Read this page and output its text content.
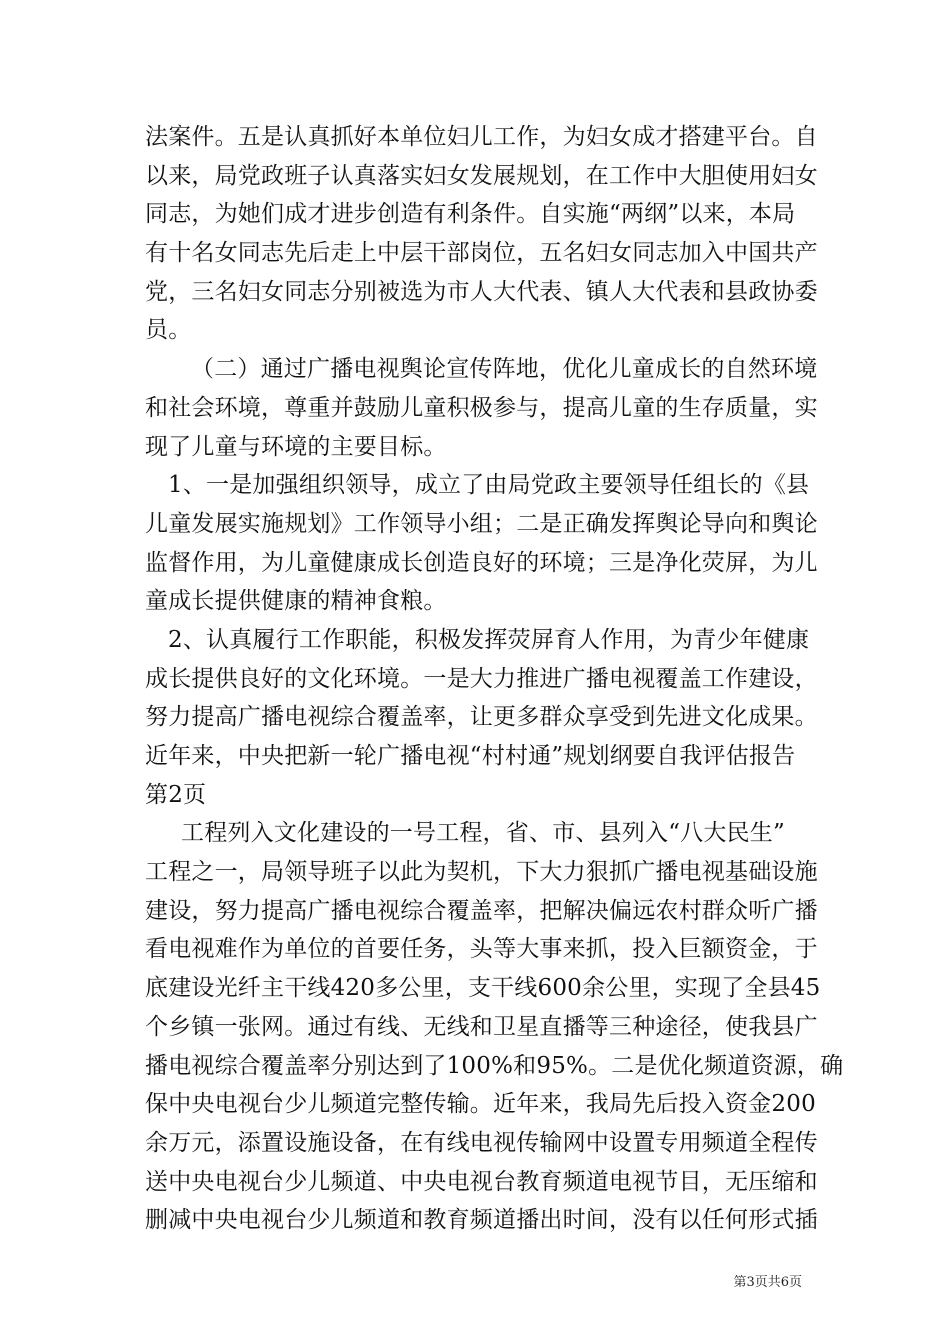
法案件。五是认真抓好本单位妇儿工作，为妇女成才搭建平台。自
以来，局党政班子认真落实妇女发展规划，在工作中大胆使用妇女
同志，为她们成才进步创造有利条件。自实施“两纲”以来，本局
有十名女同志先后走上中层干部岗位，五名妇女同志加入中国共产
党，三名妇女同志分别被选为市人大代表、镇人大代表和县政协委
员。
（二）通过广播电视舆论宣传阵地，优化儿童成长的自然环境
和社会环境，尊重并鼓励儿童积极参与，提高儿童的生存质量，实
现了儿童与环境的主要目标。
1、一是加强组织领导，成立了由局党政主要领导任组长的《县
儿童发展实施规划》工作领导小组；二是正确发挥舆论导向和舆论
监督作用，为儿童健康成长创造良好的环境；三是净化荧屏，为儿
童成长提供健康的精神食粮。
2、认真履行工作职能，积极发挥荧屏育人作用，为青少年健康
成长提供良好的文化环境。一是大力推进广播电视覆盖工作建设，
努力提高广播电视综合覆盖率，让更多群众享受到先进文化成果。
近年来，中央把新一轮广播电视“村村通”规划纲要自我评估报告
第2页
工程列入文化建设的一号工程，省、市、县列入“八大民生”
工程之一，局领导班子以此为契机，下大力狠抓广播电视基础设施
建设，努力提高广播电视综合覆盖率，把解决偏远农村群众听广播
看电视难作为单位的首要任务，头等大事来抓，投入巨额资金，于
底建设光纤主干线420多公里，支干线600余公里，实现了全县45
个乡镇一张网。通过有线、无线和卫星直播等三种途径，使我县广
播电视综合覆盖率分别达到了100%和95%。二是优化频道资源，确
保中央电视台少儿频道完整传输。近年来，我局先后投入资金200
余万元，添置设施设备，在有线电视传输网中设置专用频道全程传
送中央电视台少儿频道、中央电视台教育频道电视节目，无压缩和
删减中央电视台少儿频道和教育频道播出时间，没有以任何形式插
第3页共6页
